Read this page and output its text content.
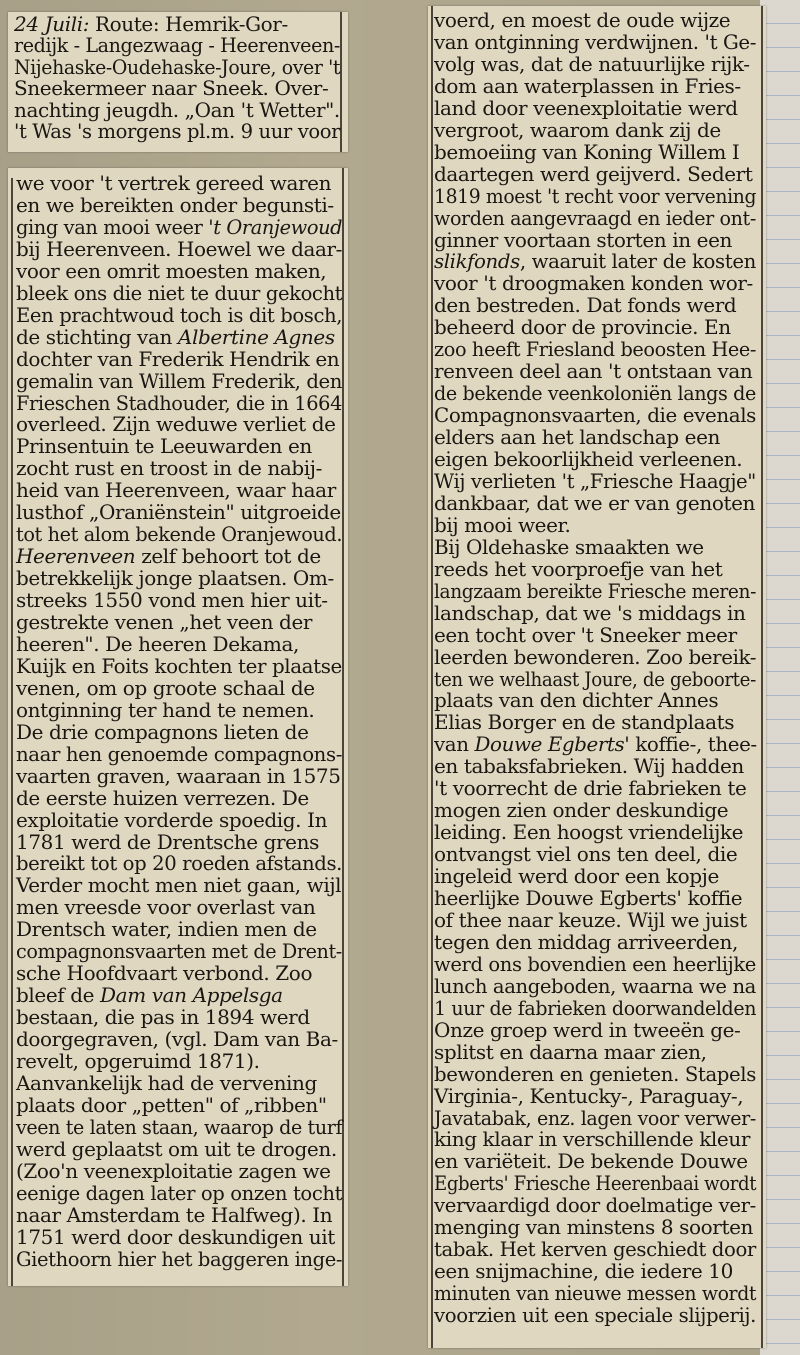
24 Juili: Route: Hemrik-Gor-
redijk - Langezwaag - Heerenveen-
Nijehaske-Oudehaske-Joure, over 't
Sneekermeer naar Sneek. Over-
nachting jeugdh. „Oan 't Wetter".
't Was 's morgens pl.m. 9 uur voor
we voor 't vertrek gereed waren
en we bereikten onder begunsti-
ging van mooi weer 't Oranjewoud
bij Heerenveen. Hoewel we daar-
voor een omrit moesten maken,
bleek ons die niet te duur gekocht
Een prachtwoud toch is dit bosch,
de stichting van Albertine Agnes
dochter van Frederik Hendrik en
gemalin van Willem Frederik, den
Frieschen Stadhouder, die in 1664
overleed. Zijn weduwe verliet de
Prinsentuin te Leeuwarden en
zocht rust en troost in de nabij-
heid van Heerenveen, waar haar
lusthof „Oraniënstein" uitgroeide
tot het alom bekende Oranjewoud.
Heerenveen zelf behoort tot de
betrekkelijk jonge plaatsen. Om-
streeks 1550 vond men hier uit-
gestrekte venen „het veen der
heeren". De heeren Dekama,
Kuijk en Foits kochten ter plaatse
venen, om op groote schaal de
ontginning ter hand te nemen.
De drie compagnons lieten de
naar hen genoemde compagnons-
vaarten graven, waaraan in 1575
de eerste huizen verrezen. De
exploitatie vorderde spoedig. In
1781 werd de Drentsche grens
bereikt tot op 20 roeden afstands.
Verder mocht men niet gaan, wijl
men vreesde voor overlast van
Drentsch water, indien men de
compagnonsvaarten met de Drent-
sche Hoofdvaart verbond. Zoo
bleef de Dam van Appelsga
bestaan, die pas in 1894 werd
doorgegraven, (vgl. Dam van Ba-
revelt, opgeruimd 1871).
Aanvankelijk had de vervening
plaats door „petten" of „ribben"
veen te laten staan, waarop de turf
werd geplaatst om uit te drogen.
(Zoo'n veenexploitatie zagen we
eenige dagen later op onzen tocht
naar Amsterdam te Halfweg). In
1751 werd door deskundigen uit
Giethoorn hier het baggeren inge-
voerd, en moest de oude wijze
van ontginning verdwijnen. 't Ge-
volg was, dat de natuurlijke rijk-
dom aan waterplassen in Fries-
land door veenexploitatie werd
vergroot, waarom dank zij de
bemoeiing van Koning Willem I
daartegen werd geijverd. Sedert
1819 moest 't recht voor vervening
worden aangevraagd en ieder ont-
ginner voortaan storten in een
slikfonds, waaruit later de kosten
voor 't droogmaken konden wor-
den bestreden. Dat fonds werd
beheerd door de provincie. En
zoo heeft Friesland beoosten Hee-
renveen deel aan 't ontstaan van
de bekende veenkoloniën langs de
Compagnonsvaarten, die evenals
elders aan het landschap een
eigen bekoorlijkheid verleenen.
Wij verlieten 't „Friesche Haagje"
dankbaar, dat we er van genoten
bij mooi weer.
Bij Oldehaske smaakten we
reeds het voorproefje van het
langzaam bereikte Friesche meren-
landschap, dat we 's middags in
een tocht over 't Sneeker meer
leerden bewonderen. Zoo bereik-
ten we welhaast Joure, de geboorte-
plaats van den dichter Annes
Elias Borger en de standplaats
van Douwe Egberts' koffie-, thee-
en tabaksfabrieken. Wij hadden
't voorrecht de drie fabrieken te
mogen zien onder deskundige
leiding. Een hoogst vriendelijke
ontvangst viel ons ten deel, die
ingeleid werd door een kopje
heerlijke Douwe Egberts' koffie
of thee naar keuze. Wijl we juist
tegen den middag arriveerden,
werd ons bovendien een heerlijke
lunch aangeboden, waarna we na
1 uur de fabrieken doorwandelden
Onze groep werd in tweeën ge-
splitst en daarna maar zien,
bewonderen en genieten. Stapels
Virginia-, Kentucky-, Paraguay-,
Javatabak, enz. lagen voor verwer-
king klaar in verschillende kleur
en variëteit. De bekende Douwe
Egberts' Friesche Heerenbaai wordt
vervaardigd door doelmatige ver-
menging van minstens 8 soorten
tabak. Het kerven geschiedt door
een snijmachine, die iedere 10
minuten van nieuwe messen wordt
voorzien uit een speciale slijperij.
